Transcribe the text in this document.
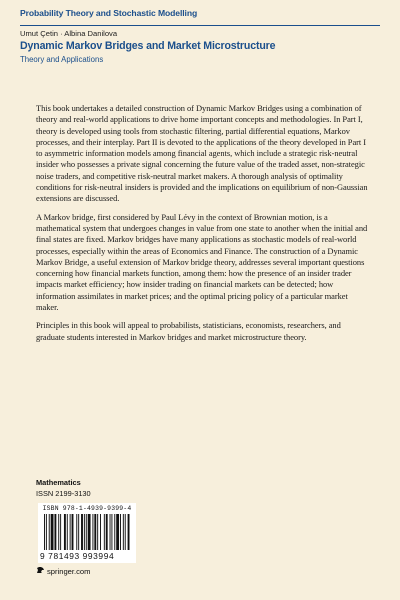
Probability Theory and Stochastic Modelling
Umut Çetin · Albina Danilova
Dynamic Markov Bridges and Market Microstructure
Theory and Applications

This book undertakes a detailed construction of Dynamic Markov Bridges using a combination of theory and real-world applications to drive home important concepts and methodologies. In Part I, theory is developed using tools from stochastic filtering, partial differential equations, Markov processes, and their interplay. Part II is devoted to the applications of the theory developed in Part I to asymmetric information models among financial agents, which include a strategic risk-neutral insider who possesses a private signal concerning the future value of the traded asset, non-strategic noise traders, and competitive risk-neutral market makers. A thorough analysis of optimality conditions for risk-neutral insiders is provided and the implications on equilibrium of non-Gaussian extensions are discussed.

A Markov bridge, first considered by Paul Lévy in the context of Brownian motion, is a mathematical system that undergoes changes in value from one state to another when the initial and final states are fixed. Markov bridges have many applications as stochastic models of real-world processes, especially within the areas of Economics and Finance. The construction of a Dynamic Markov Bridge, a useful extension of Markov bridge theory, addresses several important questions concerning how financial markets function, among them: how the presence of an insider trader impacts market efficiency; how insider trading on financial markets can be detected; how information assimilates in market prices; and the optimal pricing policy of a particular market maker.

Principles in this book will appeal to probabilists, statisticians, economists, researchers, and graduate students interested in Markov bridges and market microstructure theory.

Mathematics
ISSN 2199-3130
ISBN 978-1-4939-9399-4
9 781493 993994
springer.com
